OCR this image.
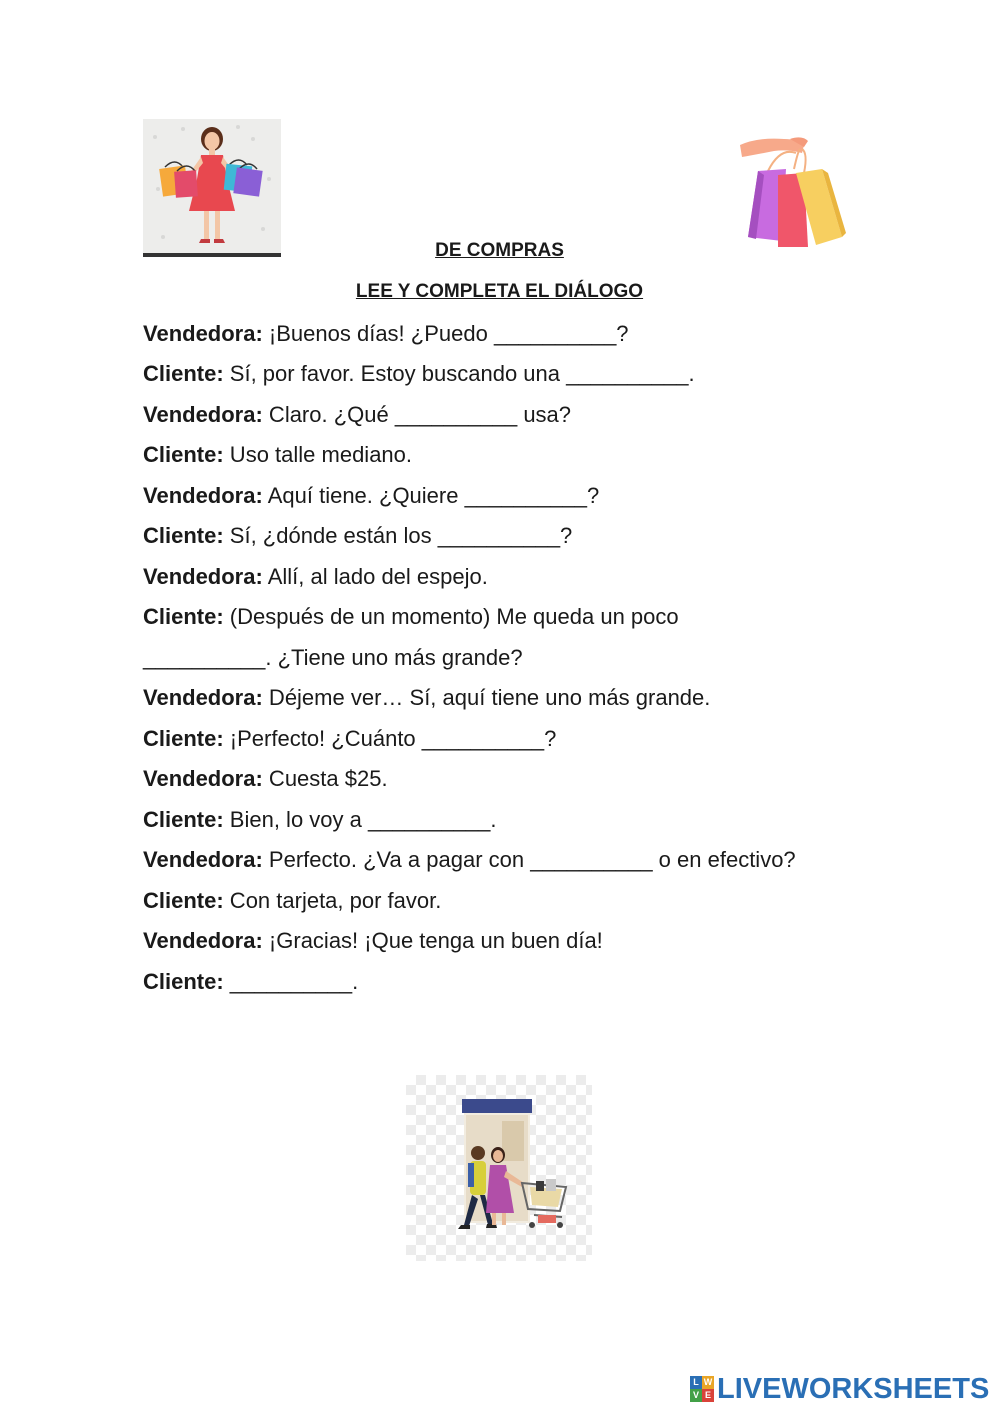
DE COMPRAS
LEE Y COMPLETA EL DIÁLOGO
Vendedora: ¡Buenos días! ¿Puedo __________?
Cliente: Sí, por favor. Estoy buscando una __________.
Vendedora: Claro. ¿Qué __________ usa?
Cliente: Uso talle mediano.
Vendedora: Aquí tiene. ¿Quiere __________?
Cliente: Sí, ¿dónde están los __________?
Vendedora: Allí, al lado del espejo.
Cliente: (Después de un momento) Me queda un poco
__________. ¿Tiene uno más grande?
Vendedora: Déjeme ver… Sí, aquí tiene uno más grande.
Cliente: ¡Perfecto! ¿Cuánto __________?
Vendedora: Cuesta $25.
Cliente: Bien, lo voy a __________.
Vendedora: Perfecto. ¿Va a pagar con __________ o en efectivo?
Cliente: Con tarjeta, por favor.
Vendedora: ¡Gracias! ¡Que tenga un buen día!
Cliente: __________.
L W
V E LIVEWORKSHEETS
